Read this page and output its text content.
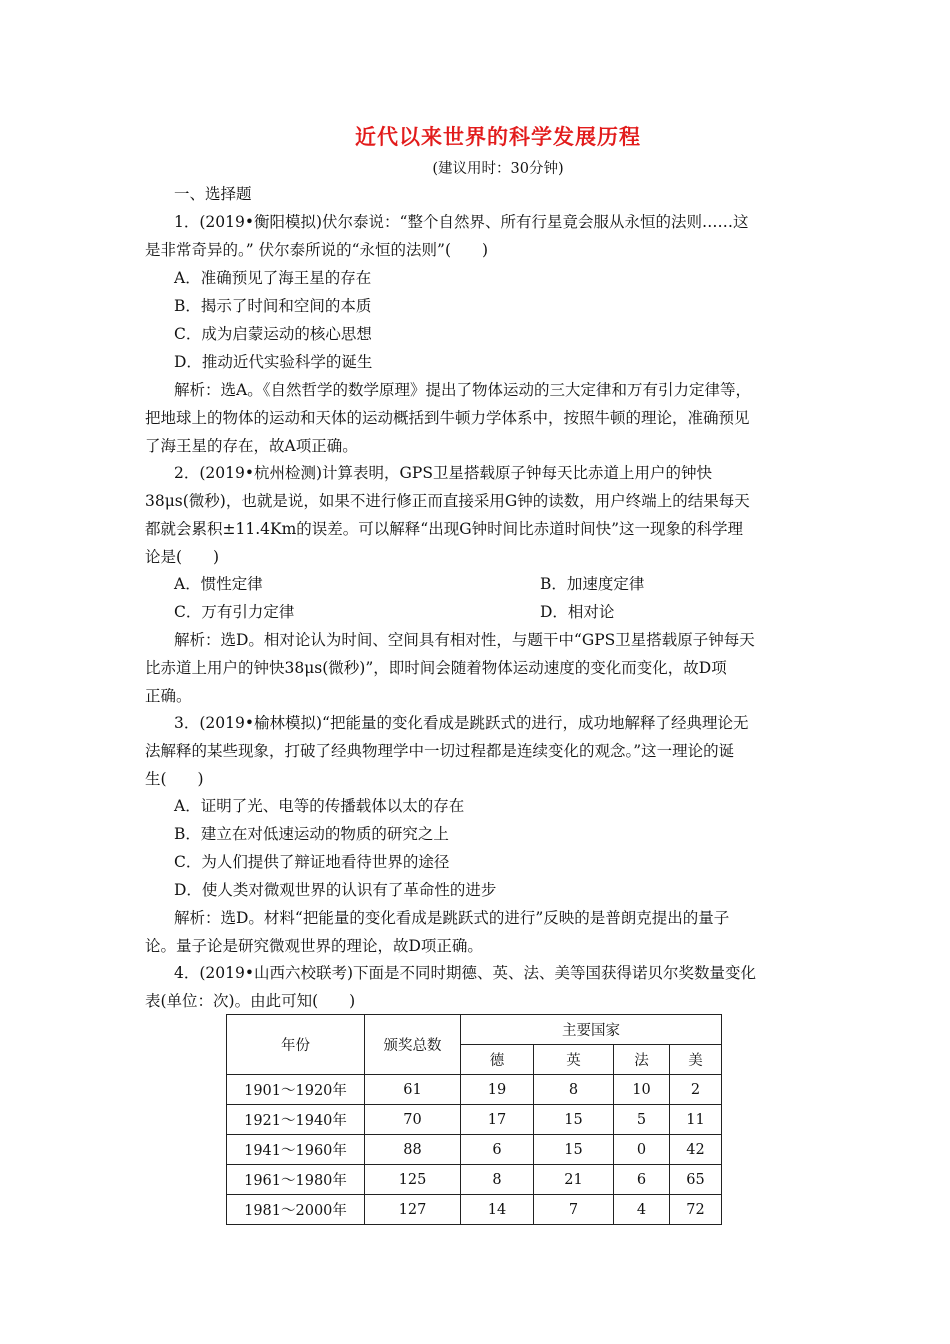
近代以来世界的科学发展历程
(建议用时：30分钟)
一、选择题
1．(2019•衡阳模拟)伏尔泰说：“整个自然界、所有行星竟会服从永恒的法则……这
是非常奇异的。” 伏尔泰所说的“永恒的法则”(　　)
A．准确预见了海王星的存在
B．揭示了时间和空间的本质
C．成为启蒙运动的核心思想
D．推动近代实验科学的诞生
解析：选A。《自然哲学的数学原理》提出了物体运动的三大定律和万有引力定律等，
把地球上的物体的运动和天体的运动概括到牛顿力学体系中，按照牛顿的理论，准确预见
了海王星的存在，故A项正确。
2．(2019•杭州检测)计算表明，GPS卫星搭载原子钟每天比赤道上用户的钟快
38μs(微秒)，也就是说，如果不进行修正而直接采用G钟的读数，用户终端上的结果每天
都就会累积±11.4Km的误差。可以解释“出现G钟时间比赤道时间快”这一现象的科学理
论是(　　)
A．惯性定律	B．加速度定律
C．万有引力定律	D．相对论
解析：选D。相对论认为时间、空间具有相对性，与题干中“GPS卫星搭载原子钟每天
比赤道上用户的钟快38μs(微秒)”，即时间会随着物体运动速度的变化而变化，故D项
正确。
3．(2019•榆林模拟)“把能量的变化看成是跳跃式的进行，成功地解释了经典理论无
法解释的某些现象，打破了经典物理学中一切过程都是连续变化的观念。”这一理论的诞
生(　　)
A．证明了光、电等的传播载体以太的存在
B．建立在对低速运动的物质的研究之上
C．为人们提供了辩证地看待世界的途径
D．使人类对微观世界的认识有了革命性的进步
解析：选D。材料“把能量的变化看成是跳跃式的进行”反映的是普朗克提出的量子
论。量子论是研究微观世界的理论，故D项正确。
4．(2019•山西六校联考)下面是不同时期德、英、法、美等国获得诺贝尔奖数量变化
表(单位：次)。由此可知(　　)
年份	颁奖总数	主要国家			
		德	英	法	美
1901～1920年	61	19	8	10	2
1921～1940年	70	17	15	5	11
1941～1960年	88	6	15	0	42
1961～1980年	125	8	21	6	65
1981～2000年	127	14	7	4	72
